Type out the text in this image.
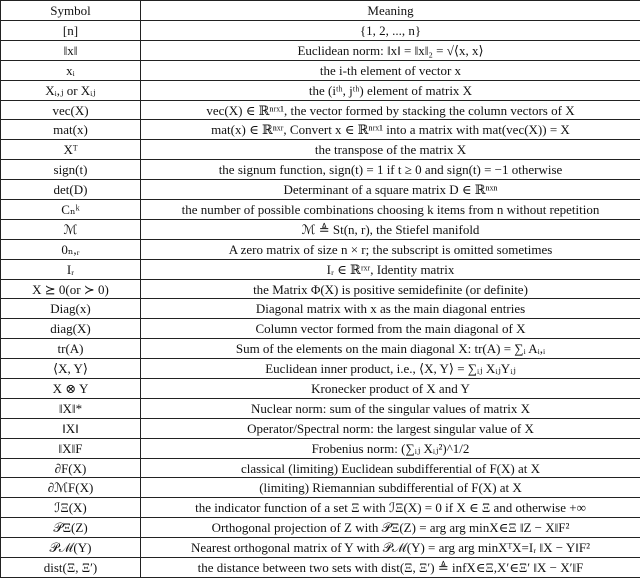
Symbol	Meaning
[n]	{1, 2, ..., n}
‖x‖	Euclidean norm: ‖x‖ = ‖x‖₂ = √⟨x, x⟩
xᵢ	the i-th element of vector x
Xᵢ,ⱼ or Xᵢⱼ	the (iᵗʰ, jᵗʰ) element of matrix X
vec(X)	vec(X) ∈ ℝⁿʳˣ¹, the vector formed by stacking the column vectors of X
mat(x)	mat(x) ∈ ℝⁿˣʳ, Convert x ∈ ℝⁿʳˣ¹ into a matrix with mat(vec(X)) = X
Xᵀ	the transpose of the matrix X
sign(t)	the signum function, sign(t) = 1 if t ≥ 0 and sign(t) = −1 otherwise
det(D)	Determinant of a square matrix D ∈ ℝⁿˣⁿ
Cₙᵏ	the number of possible combinations choosing k items from n without repetition
ℳ	ℳ ≜ St(n, r), the Stiefel manifold
0ₙ,ᵣ	A zero matrix of size n × r; the subscript is omitted sometimes
Iᵣ	Iᵣ ∈ ℝʳˣʳ, Identity matrix
X ⪰ 0(or ≻ 0)	the Matrix Φ(X) is positive semidefinite (or definite)
Diag(x)	Diagonal matrix with x as the main diagonal entries
diag(X)	Column vector formed from the main diagonal of X
tr(A)	Sum of the elements on the main diagonal X: tr(A) = ∑ᵢ Aᵢ,ᵢ
⟨X, Y⟩	Euclidean inner product, i.e., ⟨X, Y⟩ = ∑ᵢⱼ XᵢⱼYᵢⱼ
X ⊗ Y	Kronecker product of X and Y
‖X‖*	Nuclear norm: sum of the singular values of matrix X
‖X‖	Operator/Spectral norm: the largest singular value of X
‖X‖F	Frobenius norm: (∑ᵢⱼ Xᵢⱼ²)^1/2
∂F(X)	classical (limiting) Euclidean subdifferential of F(X) at X
∂ℳF(X)	(limiting) Riemannian subdifferential of F(X) at X
ℐΞ(X)	the indicator function of a set Ξ with ℐΞ(X) = 0 if X ∈ Ξ and otherwise +∞
𝒫Ξ(Z)	Orthogonal projection of Z with 𝒫Ξ(Z) = arg arg minX∈Ξ ‖Z − X‖F²
𝒫ℳ(Y)	Nearest orthogonal matrix of Y with 𝒫ℳ(Y) = arg arg minXᵀX=Iᵣ ‖X − Y‖F²
dist(Ξ, Ξ′)	the distance between two sets with dist(Ξ, Ξ′) ≜ infX∈Ξ,X′∈Ξ′ ‖X − X′‖F
